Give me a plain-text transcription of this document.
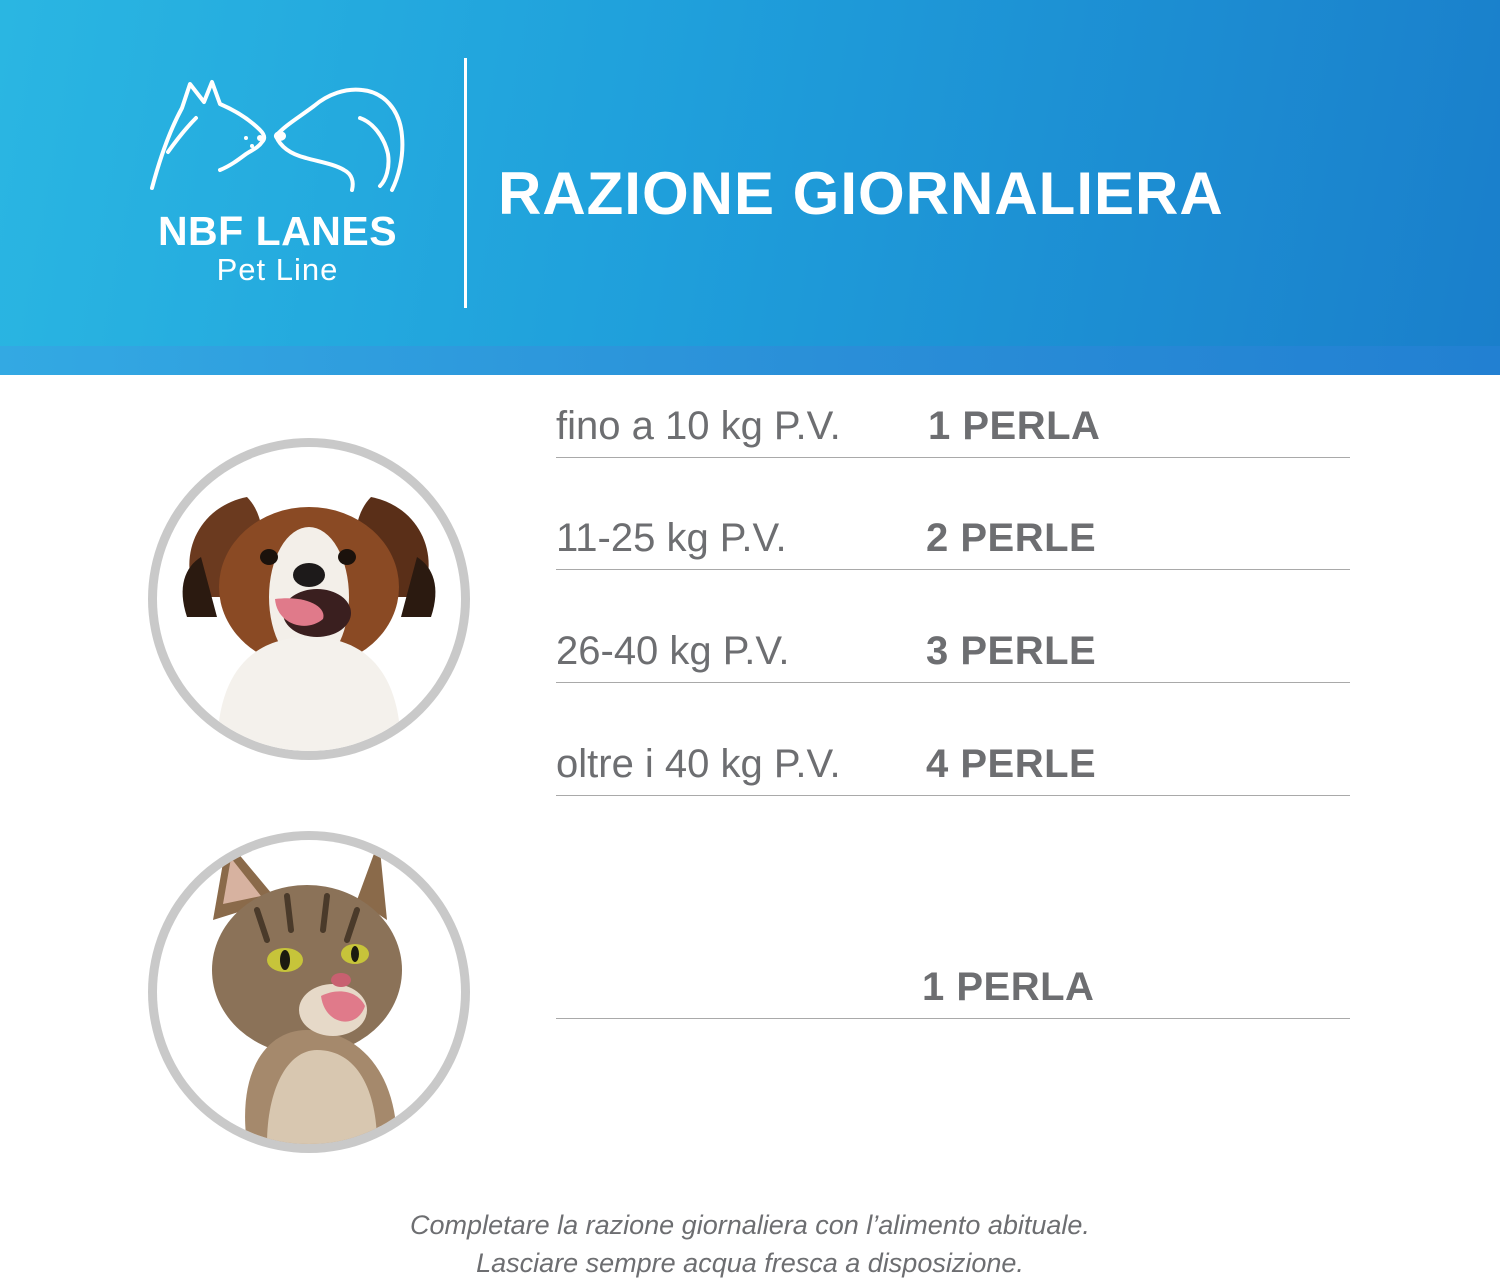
NBF LANES
Pet Line
RAZIONE GIORNALIERA
fino a 10 kg P.V. 1 PERLA
11-25 kg P.V.	2 PERLE
26-40 kg P.V.	3 PERLE
oltre i 40 kg P.V. 4 PERLE
1 PERLA
Completare la razione giornaliera con l’alimento abituale.
Lasciare sempre acqua fresca a disposizione.
